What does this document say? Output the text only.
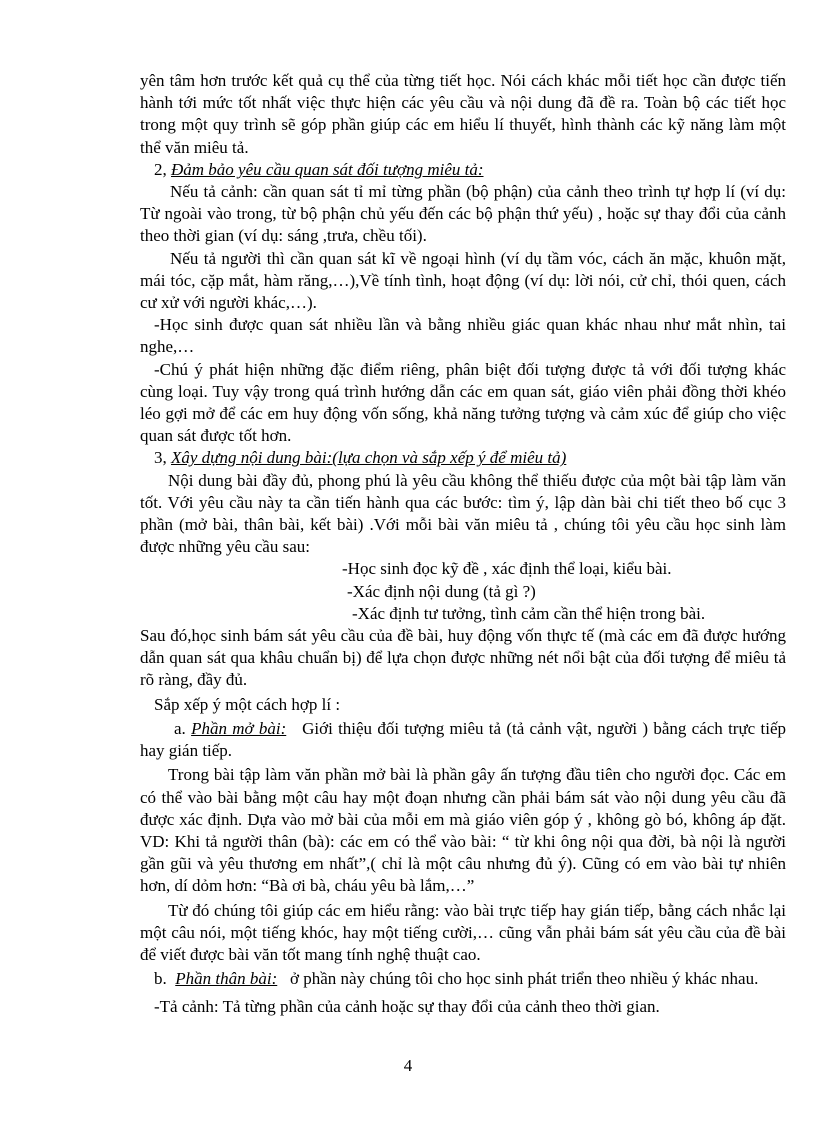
yên tâm hơn trước kết quả cụ thể của từng tiết học. Nói cách khác mỗi tiết học cần được tiến hành tới mức tốt nhất việc thực hiện các yêu cầu và nội dung đã đề ra. Toàn bộ các tiết học trong một quy trình sẽ góp phần giúp các em hiểu lí thuyết, hình thành các kỹ năng làm một thể văn miêu tả.

2, Đảm bảo yêu cầu quan sát đối tượng miêu tả:

Nếu tả cảnh: cần quan sát tỉ mỉ từng phần (bộ phận) của cảnh theo trình tự hợp lí (ví dụ: Từ ngoài vào trong, từ bộ phận chủ yếu đến các bộ phận thứ yếu) , hoặc sự thay đổi của cảnh theo thời gian (ví dụ: sáng ,trưa, chều tối).

Nếu tả người thì cần quan sát kĩ về ngoại hình (ví dụ tầm vóc, cách ăn mặc, khuôn mặt, mái tóc, cặp mắt, hàm răng,…),Về tính tình, hoạt động (ví dụ: lời nói, cử chỉ, thói quen, cách cư xử với người khác,…).

-Học sinh được quan sát nhiều lần và bằng nhiều giác quan khác nhau như mắt nhìn, tai nghe,…

-Chú ý phát hiện những đặc điểm riêng, phân biệt đối tượng được tả với đối tượng khác cùng loại. Tuy vậy trong quá trình hướng dẫn các em quan sát, giáo viên phải đồng thời khéo léo gợi mở để các em huy động vốn sống, khả năng tưởng tượng và cảm xúc để giúp cho việc quan sát được tốt hơn.

3, Xây dựng nội dung bài:(lựa chọn và sắp xếp ý để miêu tả)

Nội dung bài đầy đủ, phong phú là yêu cầu không thể thiếu được của một bài tập làm văn tốt. Với yêu cầu này ta cần tiến hành qua các bước: tìm ý, lập dàn bài chi tiết theo bố cục 3 phần (mở bài, thân bài, kết bài) .Với mỗi bài văn miêu tả , chúng tôi yêu cầu học sinh làm được những yêu cầu sau:

-Học sinh đọc kỹ đề , xác định thể loại, kiểu bài.

-Xác định nội dung (tả gì ?)

-Xác định tư tưởng, tình cảm cần thể hiện trong bài.

Sau đó,học sinh bám sát yêu cầu của đề bài, huy động vốn thực tế (mà các em đã được hướng dẫn quan sát qua khâu chuẩn bị) để lựa chọn được những nét nổi bật của đối tượng để miêu tả rõ ràng, đầy đủ.

Sắp xếp ý một cách hợp lí :

a. Phần mở bài: Giới thiệu đối tượng miêu tả (tả cảnh vật, người ) bằng cách trực tiếp hay gián tiếp.

Trong bài tập làm văn phần mở bài là phần gây ấn tượng đầu tiên cho người đọc. Các em có thể vào bài bằng một câu hay một đoạn nhưng cần phải bám sát vào nội dung yêu cầu đã được xác định. Dựa vào mở bài của mỗi em mà giáo viên góp ý , không gò bó, không áp đặt. VD: Khi tả người thân (bà): các em có thể vào bài: “ từ khi ông nội qua đời, bà nội là người gần gũi và yêu thương em nhất”,( chỉ là một câu nhưng đủ ý). Cũng có em vào bài tự nhiên hơn, dí dỏm hơn: “Bà ơi bà, cháu yêu bà lắm,…”

Từ đó chúng tôi giúp các em hiểu rằng: vào bài trực tiếp hay gián tiếp, bằng cách nhắc lại một câu nói, một tiếng khóc, hay một tiếng cười,… cũng vẫn phải bám sát yêu cầu của đề bài để viết được bài văn tốt mang tính nghệ thuật cao.

b. Phần thân bài: ở phần này chúng tôi cho học sinh phát triển theo nhiều ý khác nhau.

-Tả cảnh: Tả từng phần của cảnh hoặc sự thay đổi của cảnh theo thời gian.

4
